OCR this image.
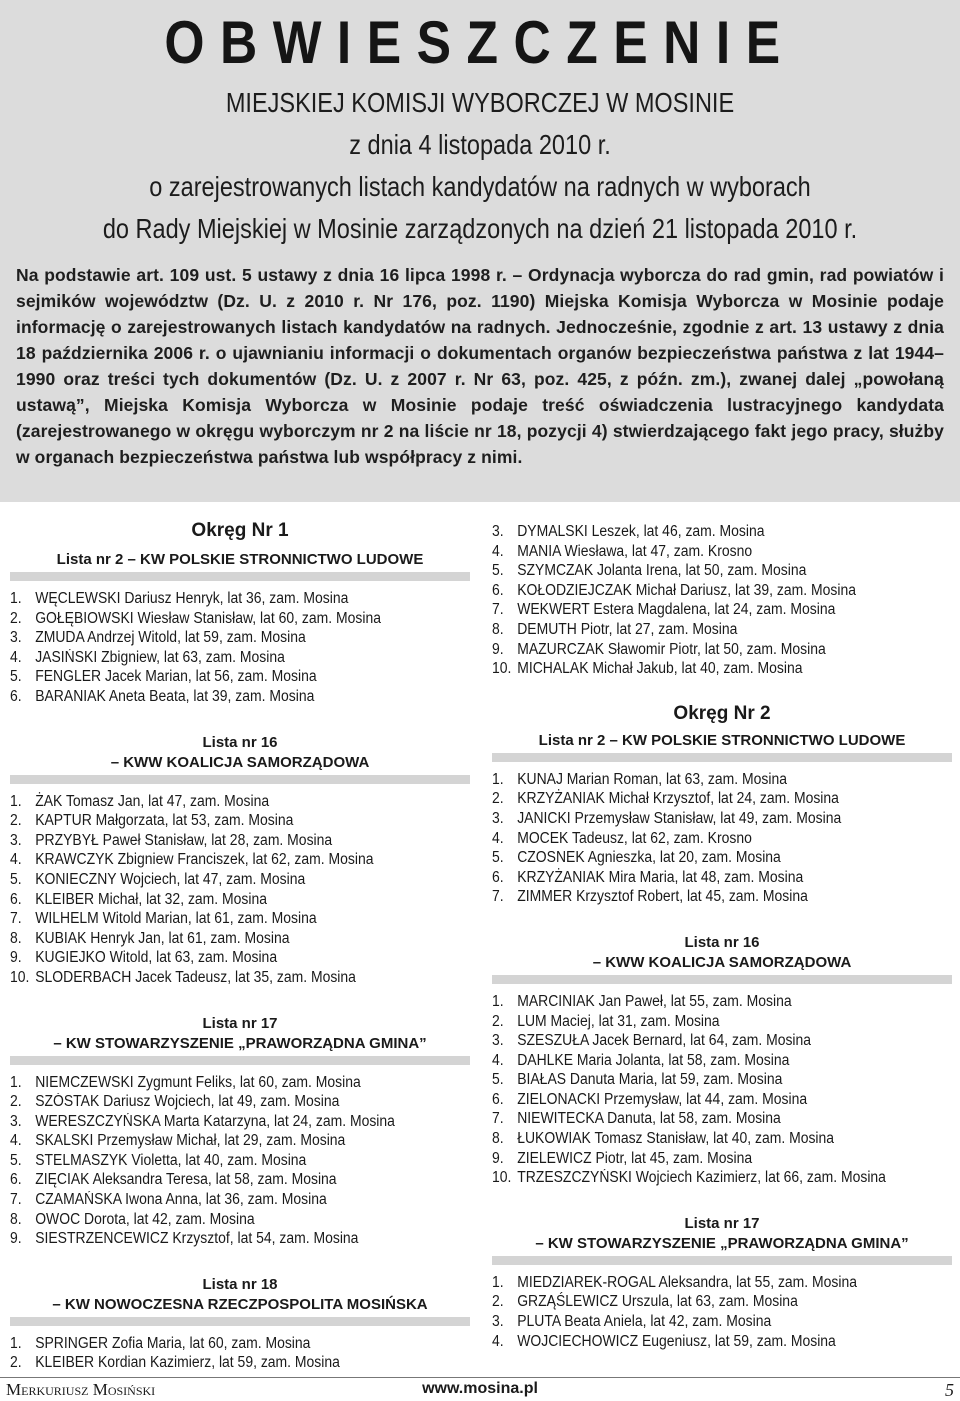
OBWIESZCZENIE
MIEJSKIEJ KOMISJI WYBORCZEJ W MOSINIE
z dnia 4 listopada 2010 r.
o zarejestrowanych listach kandydatów na radnych w wyborach
do Rady Miejskiej w Mosinie zarządzonych na dzień 21 listopada 2010 r.
Na podstawie art. 109 ust. 5 ustawy z dnia 16 lipca 1998 r. – Ordynacja wyborcza do rad gmin, rad powiatów i sejmików województw (Dz. U. z 2010 r. Nr 176, poz. 1190) Miejska Komisja Wyborcza w Mosinie podaje informację o zarejestrowanych listach kandydatów na radnych. Jednocześnie, zgodnie z art. 13 ustawy z dnia 18 października 2006 r. o ujawnianiu informacji o dokumentach organów bezpieczeństwa państwa z lat 1944–1990 oraz treści tych dokumentów (Dz. U. z 2007 r. Nr 63, poz. 425, z późn. zm.), zwanej dalej „powołaną ustawą”, Miejska Komisja Wyborcza w Mosinie podaje treść oświadczenia lustracyjnego kandydata (zarejestrowanego w okręgu wyborczym nr 2 na liście nr 18, pozycji 4) stwierdzającego fakt jego pracy, służby w organach bezpieczeństwa państwa lub współpracy z nimi.
Okręg Nr 1
Lista nr 2 – KW POLSKIE STRONNICTWO LUDOWE
1. WĘCLEWSKI Dariusz Henryk, lat 36, zam. Mosina
2. GOŁĘBIOWSKI Wiesław Stanisław, lat 60, zam. Mosina
3. ZMUDA Andrzej Witold, lat 59, zam. Mosina
4. JASIŃSKI Zbigniew, lat 63, zam. Mosina
5. FENGLER Jacek Marian, lat 56, zam. Mosina
6. BARANIAK Aneta Beata, lat 39, zam. Mosina
Lista nr 16
– KWW KOALICJA SAMORZĄDOWA
1. ŻAK Tomasz Jan, lat 47, zam. Mosina
2. KAPTUR Małgorzata, lat 53, zam. Mosina
3. PRZYBYŁ Paweł Stanisław, lat 28, zam. Mosina
4. KRAWCZYK Zbigniew Franciszek, lat 62, zam. Mosina
5. KONIECZNY Wojciech, lat 47, zam. Mosina
6. KLEIBER Michał, lat 32, zam. Mosina
7. WILHELM Witold Marian, lat 61, zam. Mosina
8. KUBIAK Henryk Jan, lat 61, zam. Mosina
9. KUGIEJKO Witold, lat 63, zam. Mosina
10. SLODERBACH Jacek Tadeusz, lat 35, zam. Mosina
Lista nr 17
– KW STOWARZYSZENIE „PRAWORZĄDNA GMINA”
1. NIEMCZEWSKI Zygmunt Feliks, lat 60, zam. Mosina
2. SZÓSTAK Dariusz Wojciech, lat 49, zam. Mosina
3. WERESZCZYŃSKA Marta Katarzyna, lat 24, zam. Mosina
4. SKALSKI Przemysław Michał, lat 29, zam. Mosina
5. STELMASZYK Violetta, lat 40, zam. Mosina
6. ZIĘCIAK Aleksandra Teresa, lat 58, zam. Mosina
7. CZAMAŃSKA Iwona Anna, lat 36, zam. Mosina
8. OWOC Dorota, lat 42, zam. Mosina
9. SIESTRZENCEWICZ Krzysztof, lat 54, zam. Mosina
Lista nr 18
– KW NOWOCZESNA RZECZPOSPOLITA MOSIŃSKA
1. SPRINGER Zofia Maria, lat 60, zam. Mosina
2. KLEIBER Kordian Kazimierz, lat 59, zam. Mosina
3. DYMALSKI Leszek, lat 46, zam. Mosina
4. MANIA Wiesława, lat 47, zam. Krosno
5. SZYMCZAK Jolanta Irena, lat 50, zam. Mosina
6. KOŁODZIEJCZAK Michał Dariusz, lat 39, zam. Mosina
7. WEKWERT Estera Magdalena, lat 24, zam. Mosina
8. DEMUTH Piotr, lat 27, zam. Mosina
9. MAZURCZAK Sławomir Piotr, lat 50, zam. Mosina
10. MICHALAK Michał Jakub, lat 40, zam. Mosina
Okręg Nr 2
Lista nr 2 – KW POLSKIE STRONNICTWO LUDOWE
1. KUNAJ Marian Roman, lat 63, zam. Mosina
2. KRZYŻANIAK Michał Krzysztof, lat 24, zam. Mosina
3. JANICKI Przemysław Stanisław, lat 49, zam. Mosina
4. MOCEK Tadeusz, lat 62, zam. Krosno
5. CZOSNEK Agnieszka, lat 20, zam. Mosina
6. KRZYŻANIAK Mira Maria, lat 48, zam. Mosina
7. ZIMMER Krzysztof Robert, lat 45, zam. Mosina
Lista nr 16
– KWW KOALICJA SAMORZĄDOWA
1. MARCINIAK Jan Paweł, lat 55, zam. Mosina
2. LUM Maciej, lat 31, zam. Mosina
3. SZESZUŁA Jacek Bernard, lat 64, zam. Mosina
4. DAHLKE Maria Jolanta, lat 58, zam. Mosina
5. BIAŁAS Danuta Maria, lat 59, zam. Mosina
6. ZIELONACKI Przemysław, lat 44, zam. Mosina
7. NIEWITECKA Danuta, lat 58, zam. Mosina
8. ŁUKOWIAK Tomasz Stanisław, lat 40, zam. Mosina
9. ZIELEWICZ Piotr, lat 45, zam. Mosina
10. TRZESZCZYŃSKI Wojciech Kazimierz, lat 66, zam. Mosina
Lista nr 17
– KW STOWARZYSZENIE „PRAWORZĄDNA GMINA”
1. MIEDZIAREK-ROGAL Aleksandra, lat 55, zam. Mosina
2. GRZĄŚLEWICZ Urszula, lat 63, zam. Mosina
3. PLUTA Beata Aniela, lat 42, zam. Mosina
4. WOJCIECHOWICZ Eugeniusz, lat 59, zam. Mosina
Merkuriusz Mosiński	www.mosina.pl	5
